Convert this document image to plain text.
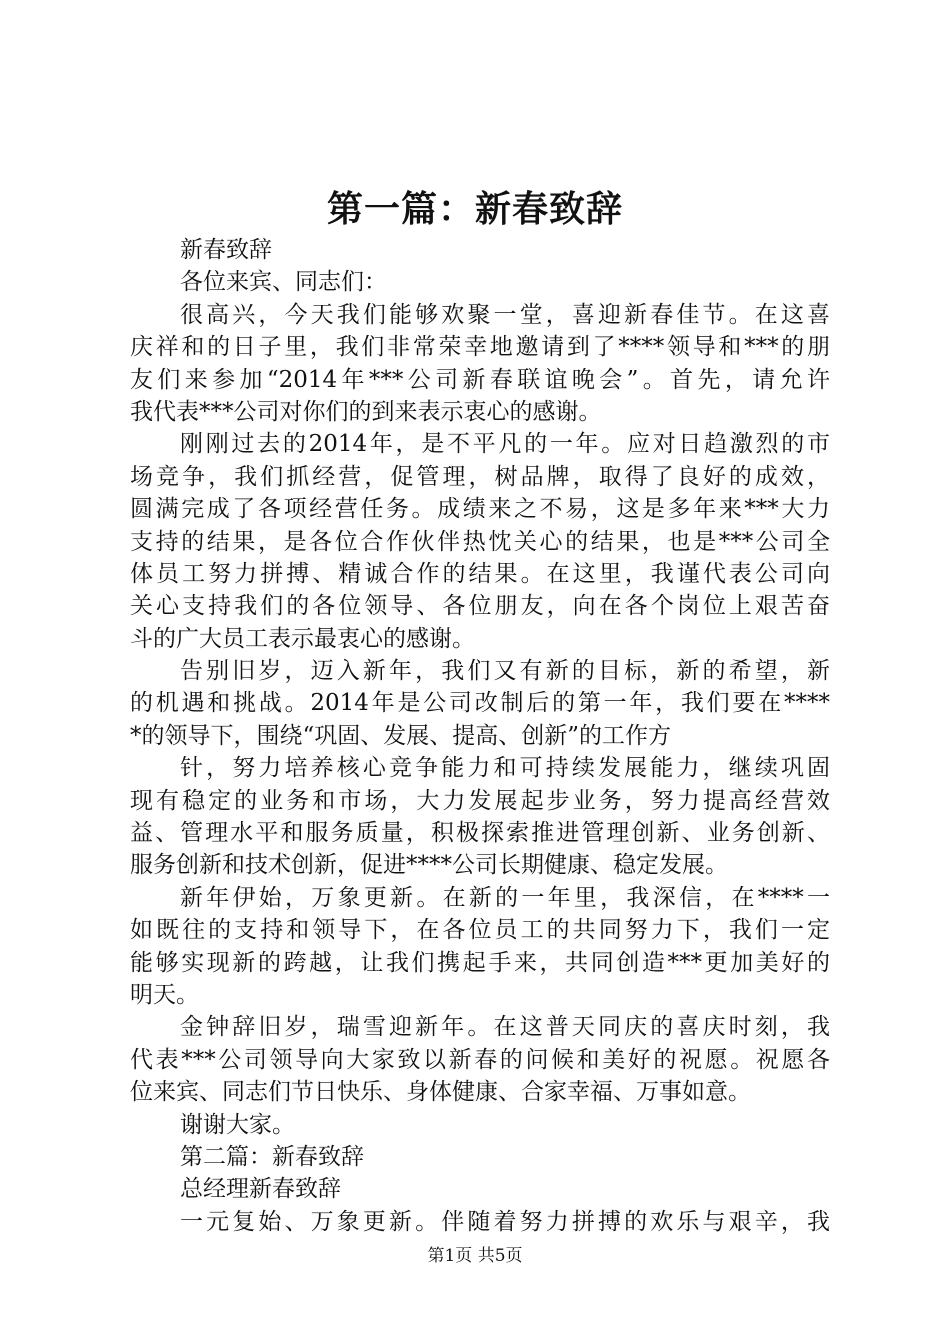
第一篇：新春致辞
新春致辞
各位来宾、同志们：
很高兴，今天我们能够欢聚一堂，喜迎新春佳节。在这喜
庆祥和的日子里，我们非常荣幸地邀请到了****领导和***的朋
友们来参加“2014年***公司新春联谊晚会”。首先，请允许
我代表***公司对你们的到来表示衷心的感谢。
刚刚过去的2014年，是不平凡的一年。应对日趋激烈的市
场竞争，我们抓经营，促管理，树品牌，取得了良好的成效，
圆满完成了各项经营任务。成绩来之不易，这是多年来***大力
支持的结果，是各位合作伙伴热忱关心的结果，也是***公司全
体员工努力拼搏、精诚合作的结果。在这里，我谨代表公司向
关心支持我们的各位领导、各位朋友，向在各个岗位上艰苦奋
斗的广大员工表示最衷心的感谢。
告别旧岁，迈入新年，我们又有新的目标，新的希望，新
的机遇和挑战。2014年是公司改制后的第一年，我们要在****
*的领导下，围绕“巩固、发展、提高、创新”的工作方
针，努力培养核心竞争能力和可持续发展能力，继续巩固
现有稳定的业务和市场，大力发展起步业务，努力提高经营效
益、管理水平和服务质量，积极探索推进管理创新、业务创新、
服务创新和技术创新，促进****公司长期健康、稳定发展。
新年伊始，万象更新。在新的一年里，我深信，在****一
如既往的支持和领导下，在各位员工的共同努力下，我们一定
能够实现新的跨越，让我们携起手来，共同创造***更加美好的
明天。
金钟辞旧岁，瑞雪迎新年。在这普天同庆的喜庆时刻，我
代表***公司领导向大家致以新春的问候和美好的祝愿。祝愿各
位来宾、同志们节日快乐、身体健康、合家幸福、万事如意。
谢谢大家。
第二篇：新春致辞
总经理新春致辞
一元复始、万象更新。伴随着努力拼搏的欢乐与艰辛，我
第1页 共5页
